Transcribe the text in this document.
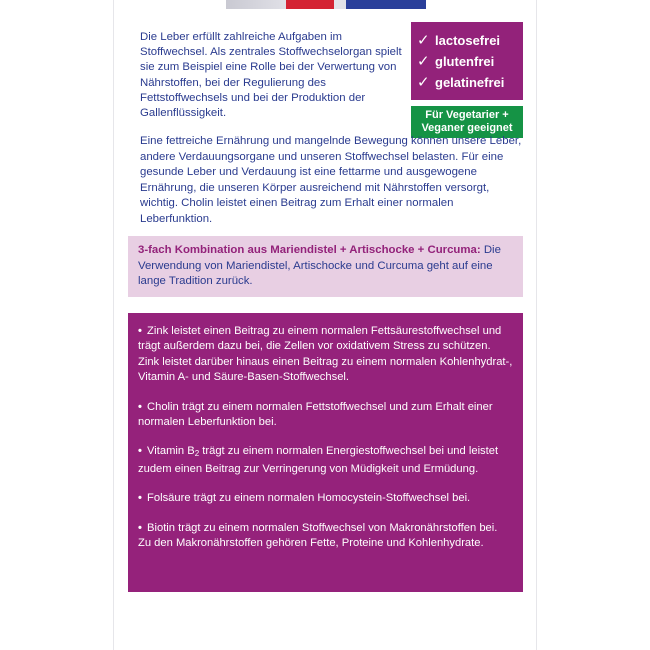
Die Leber erfüllt zahlreiche Aufgaben im Stoffwechsel. Als zentrales Stoffwechselorgan spielt sie zum Beispiel eine Rolle bei der Verwertung von Nährstoffen, bei der Regulierung des Fettstoffwechsels und bei der Produktion der Gallenflüssigkeit.
✓ lactosefrei
✓ glutenfrei
✓ gelatinefrei
Für Vegetarier + Veganer geeignet
Eine fettreiche Ernährung und mangelnde Bewegung können unsere Leber, andere Verdauungsorgane und unseren Stoffwechsel belasten. Für eine gesunde Leber und Verdauung ist eine fettarme und ausgewogene Ernährung, die unseren Körper ausreichend mit Nährstoffen versorgt, wichtig. Cholin leistet einen Beitrag zum Erhalt einer normalen Leberfunktion.
3-fach Kombination aus Mariendistel + Artischocke + Curcuma: Die Verwendung von Mariendistel, Artischocke und Curcuma geht auf eine lange Tradition zurück.
• Zink leistet einen Beitrag zu einem normalen Fettsäurestoffwechsel und trägt außerdem dazu bei, die Zellen vor oxidativem Stress zu schützen. Zink leistet darüber hinaus einen Beitrag zu einem normalen Kohlenhydrat-, Vitamin A- und Säure-Basen-Stoffwechsel.
• Cholin trägt zu einem normalen Fettstoffwechsel und zum Erhalt einer normalen Leberfunktion bei.
• Vitamin $B_2$ trägt zu einem normalen Energiestoffwechsel bei und leistet zudem einen Beitrag zur Verringerung von Müdigkeit und Ermüdung.
• Folsäure trägt zu einem normalen Homocystein-Stoffwechsel bei.
• Biotin trägt zu einem normalen Stoffwechsel von Makronährstoffen bei. Zu den Makronährstoffen gehören Fette, Proteine und Kohlenhydrate.
